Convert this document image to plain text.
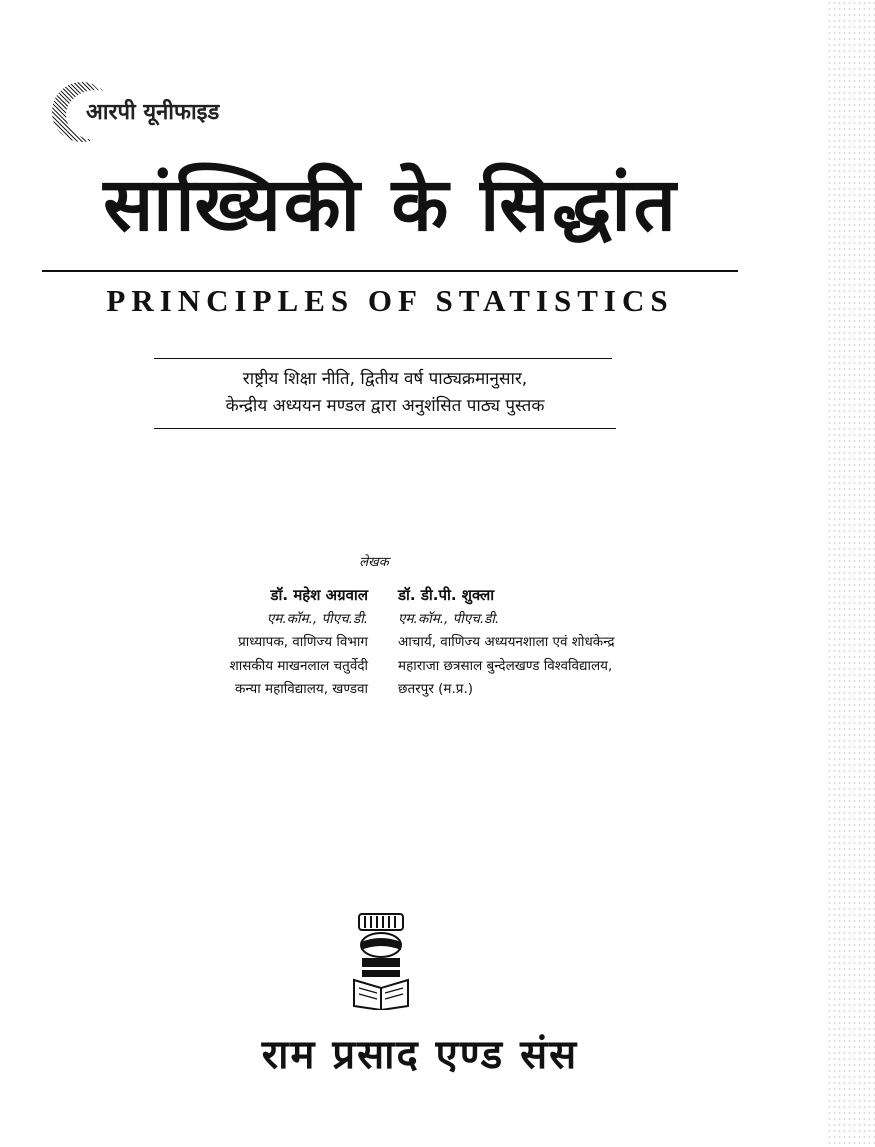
आरपी यूनीफाइड
सांख्यिकी के सिद्धांत
PRINCIPLES OF STATISTICS
राष्ट्रीय शिक्षा नीति, द्वितीय वर्ष पाठ्यक्रमानुसार,
केन्द्रीय अध्ययन मण्डल द्वारा अनुशंसित पाठ्य पुस्तक
लेखक
डॉ. महेश अग्रवाल
एम.कॉम., पीएच.डी.
प्राध्यापक, वाणिज्य विभाग
शासकीय माखनलाल चतुर्वेदी
कन्या महाविद्यालय, खण्डवा
डॉ. डी.पी. शुक्ला
एम.कॉम., पीएच.डी.
आचार्य, वाणिज्य अध्ययनशाला एवं शोधकेन्द्र
महाराजा छत्रसाल बुन्देलखण्ड विश्वविद्यालय,
छतरपुर (म.प्र.)
राम प्रसाद एण्ड संस
